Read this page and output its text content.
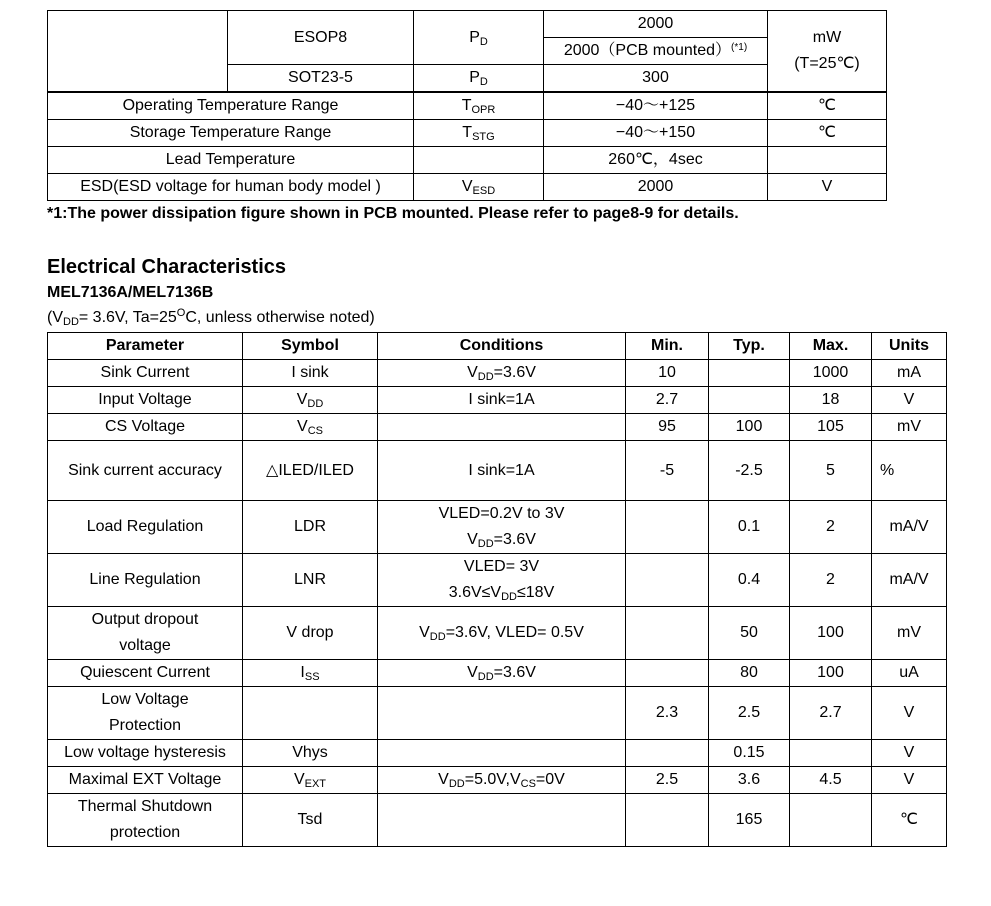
	ESOP8	$P_D$	2000	mW
(T=25℃)

			2000（PCB mounted）$^{(*1)}$
	SOT23-5	$P_D$	300	
Operating Temperature Range		$T_{OPR}$	−40～+125	℃
Storage Temperature Range		$T_{STG}$	−40～+150	℃
Lead Temperature			260℃，4sec	
ESD(ESD voltage for human body model )		$V_{ESD}$	2000	V
*1:The power dissipation figure shown in PCB mounted. Please refer to page8-9 for details.
Electrical Characteristics
MEL7136A/MEL7136B
($V_{DD}= 3.6V$, $Ta=25^OC$, unless otherwise noted)
Parameter	Symbol	Conditions	Min.	Typ.	Max.	Units

Sink Current	I sink	$V_{DD}=3.6V$	10		1000	mA

Input Voltage	$V_{DD}$	I sink=1A	2.7		18	V

CS Voltage	$V_{CS}$		95	100	105	mV

Sink current accuracy	△ILED/ILED	I sink=1A	-5	-2.5	5	%

Load Regulation	LDR	VLED=0.2V to 3V
$V_{DD}=3.6V$		0.1	2	mA/V

Line Regulation	LNR	VLED= 3V
$3.6V\le V_{DD}\le 18V$		0.4	2	mA/V

Output dropout
voltage	V drop	$V_{DD}=3.6V$, VLED= 0.5V		50	100	mV

Quiescent Current	$I_{SS}$	$V_{DD}=3.6V$		80	100	uA

Low Voltage
Protection			2.3	2.5	2.7	V

Low voltage hysteresis	Vhys			0.15		V

Maximal EXT Voltage	$V_{EXT}$	$V_{DD}=5.0V,V_{CS}=0V$	2.5	3.6	4.5	V

Thermal Shutdown
protection	Tsd			165		℃
